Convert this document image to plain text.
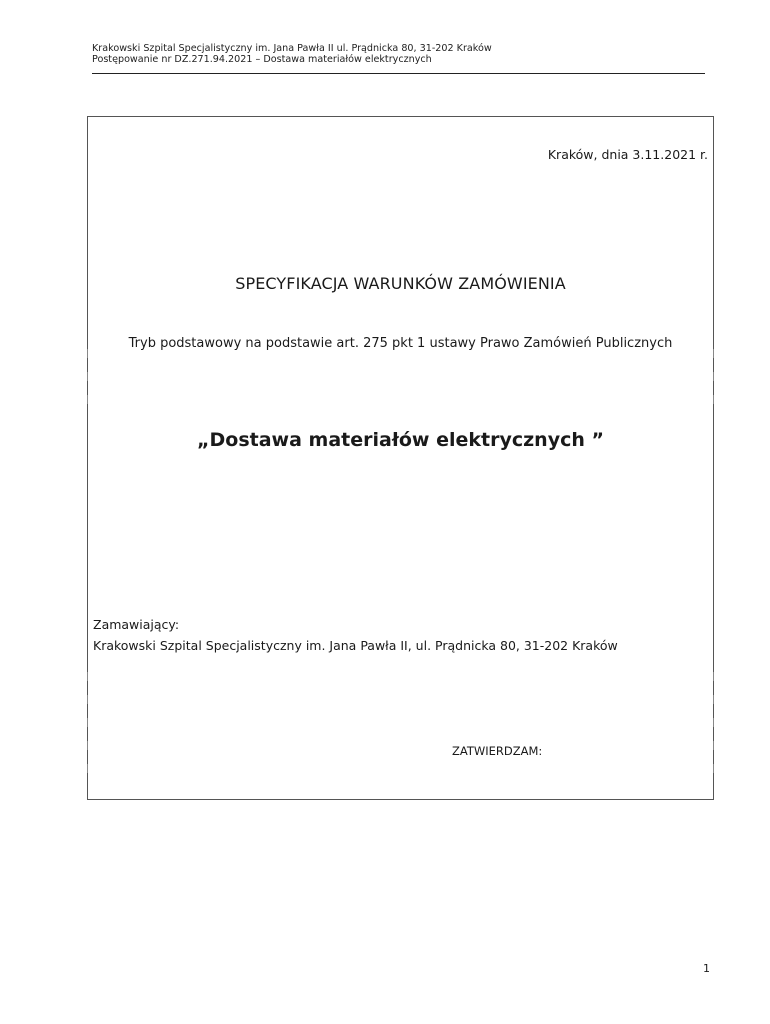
Krakowski Szpital Specjalistyczny im. Jana Pawła II ul. Prądnicka 80, 31-202 Kraków
Postępowanie nr DZ.271.94.2021 – Dostawa materiałów elektrycznych
Kraków, dnia 3.11.2021 r.
SPECYFIKACJA WARUNKÓW ZAMÓWIENIA
Tryb podstawowy na podstawie art. 275 pkt 1 ustawy Prawo Zamówień Publicznych
„Dostawa materiałów elektrycznych ”
Zamawiający:
Krakowski Szpital Specjalistyczny im. Jana Pawła II, ul. Prądnicka 80, 31-202 Kraków
ZATWIERDZAM:
1
